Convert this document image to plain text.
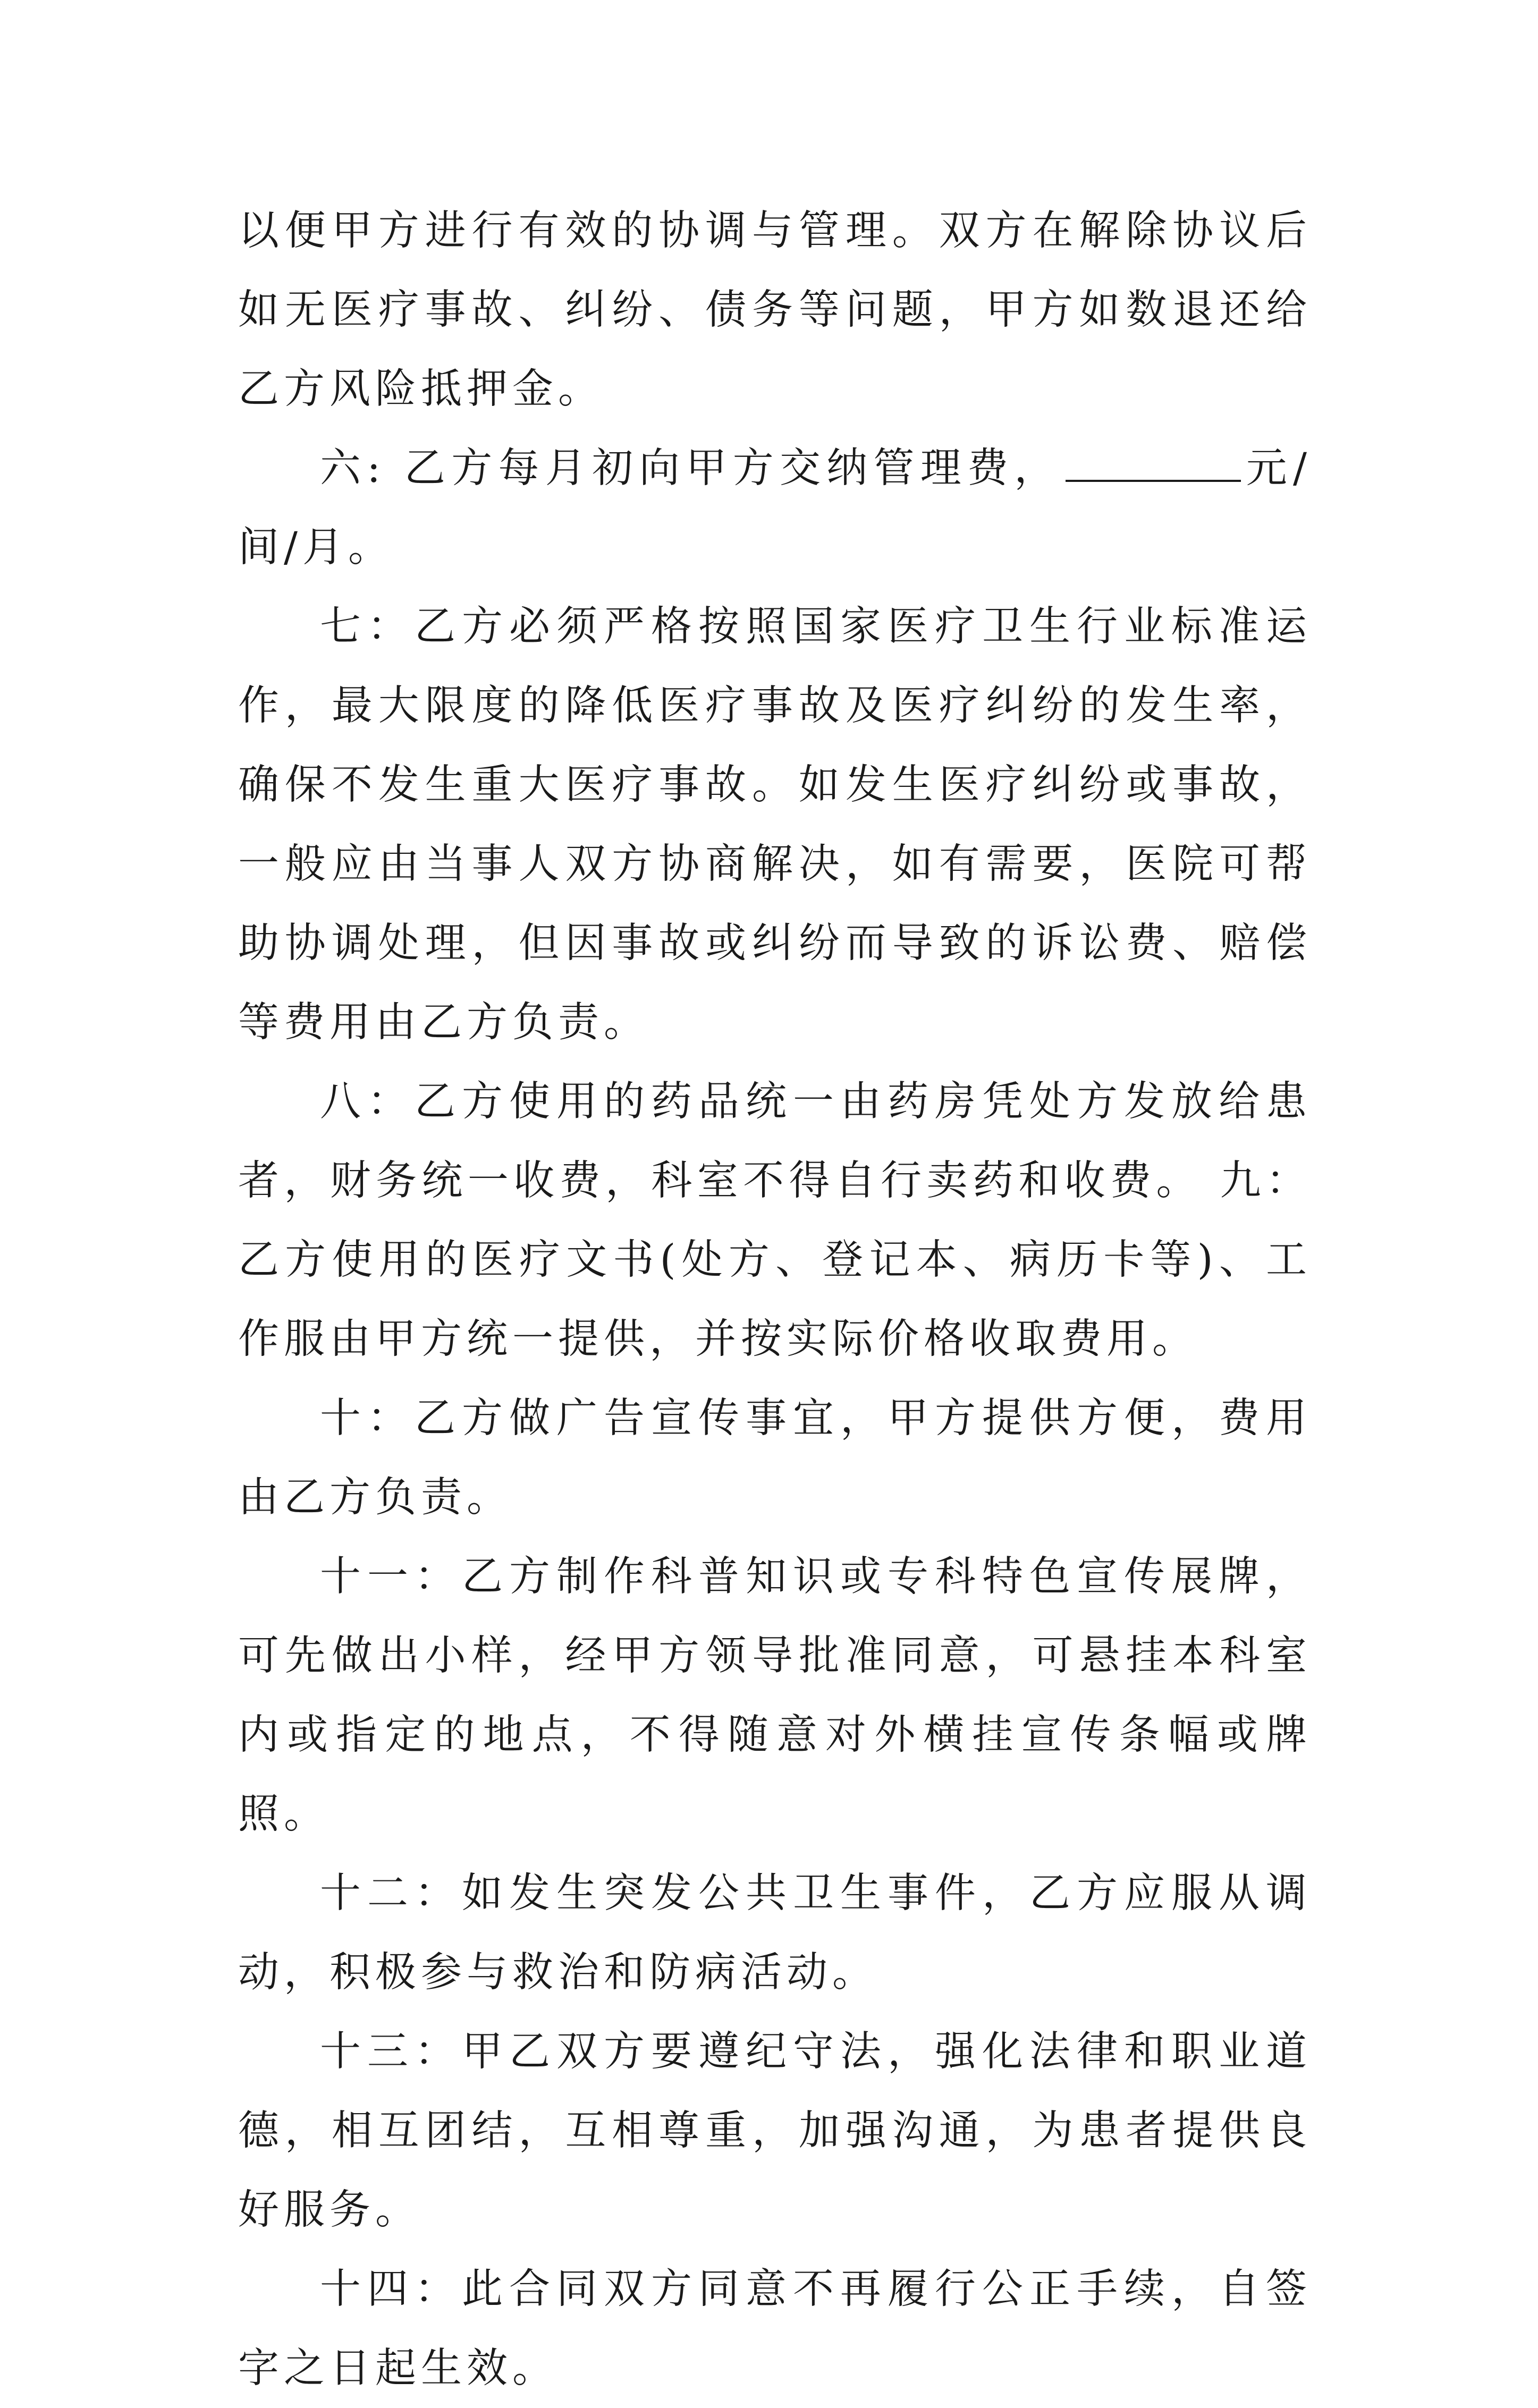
以便甲方进行有效的协调与管理。双方在解除协议后如无医疗事故、纠纷、债务等问题，甲方如数退还给乙方风险抵押金。

六: 乙方每月初向甲方交纳管理费，	元/间/月。

七：乙方必须严格按照国家医疗卫生行业标准运作，最大限度的降低医疗事故及医疗纠纷的发生率，确保不发生重大医疗事故。如发生医疗纠纷或事故，一般应由当事人双方协商解决，如有需要，医院可帮助协调处理，但因事故或纠纷而导致的诉讼费、赔偿等费用由乙方负责。

八：乙方使用的药品统一由药房凭处方发放给患者，财务统一收费，科室不得自行卖药和收费。 九：乙方使用的医疗文书(处方、登记本、病历卡等)、工作服由甲方统一提供，并按实际价格收取费用。

十：乙方做广告宣传事宜，甲方提供方便，费用由乙方负责。

十一：乙方制作科普知识或专科特色宣传展牌，可先做出小样，经甲方领导批准同意，可悬挂本科室内或指定的地点，不得随意对外横挂宣传条幅或牌照。

十二：如发生突发公共卫生事件，乙方应服从调动，积极参与救治和防病活动。

十三：甲乙双方要遵纪守法，强化法律和职业道德，相互团结，互相尊重，加强沟通，为患者提供良好服务。

十四：此合同双方同意不再履行公正手续，自签字之日起生效。
